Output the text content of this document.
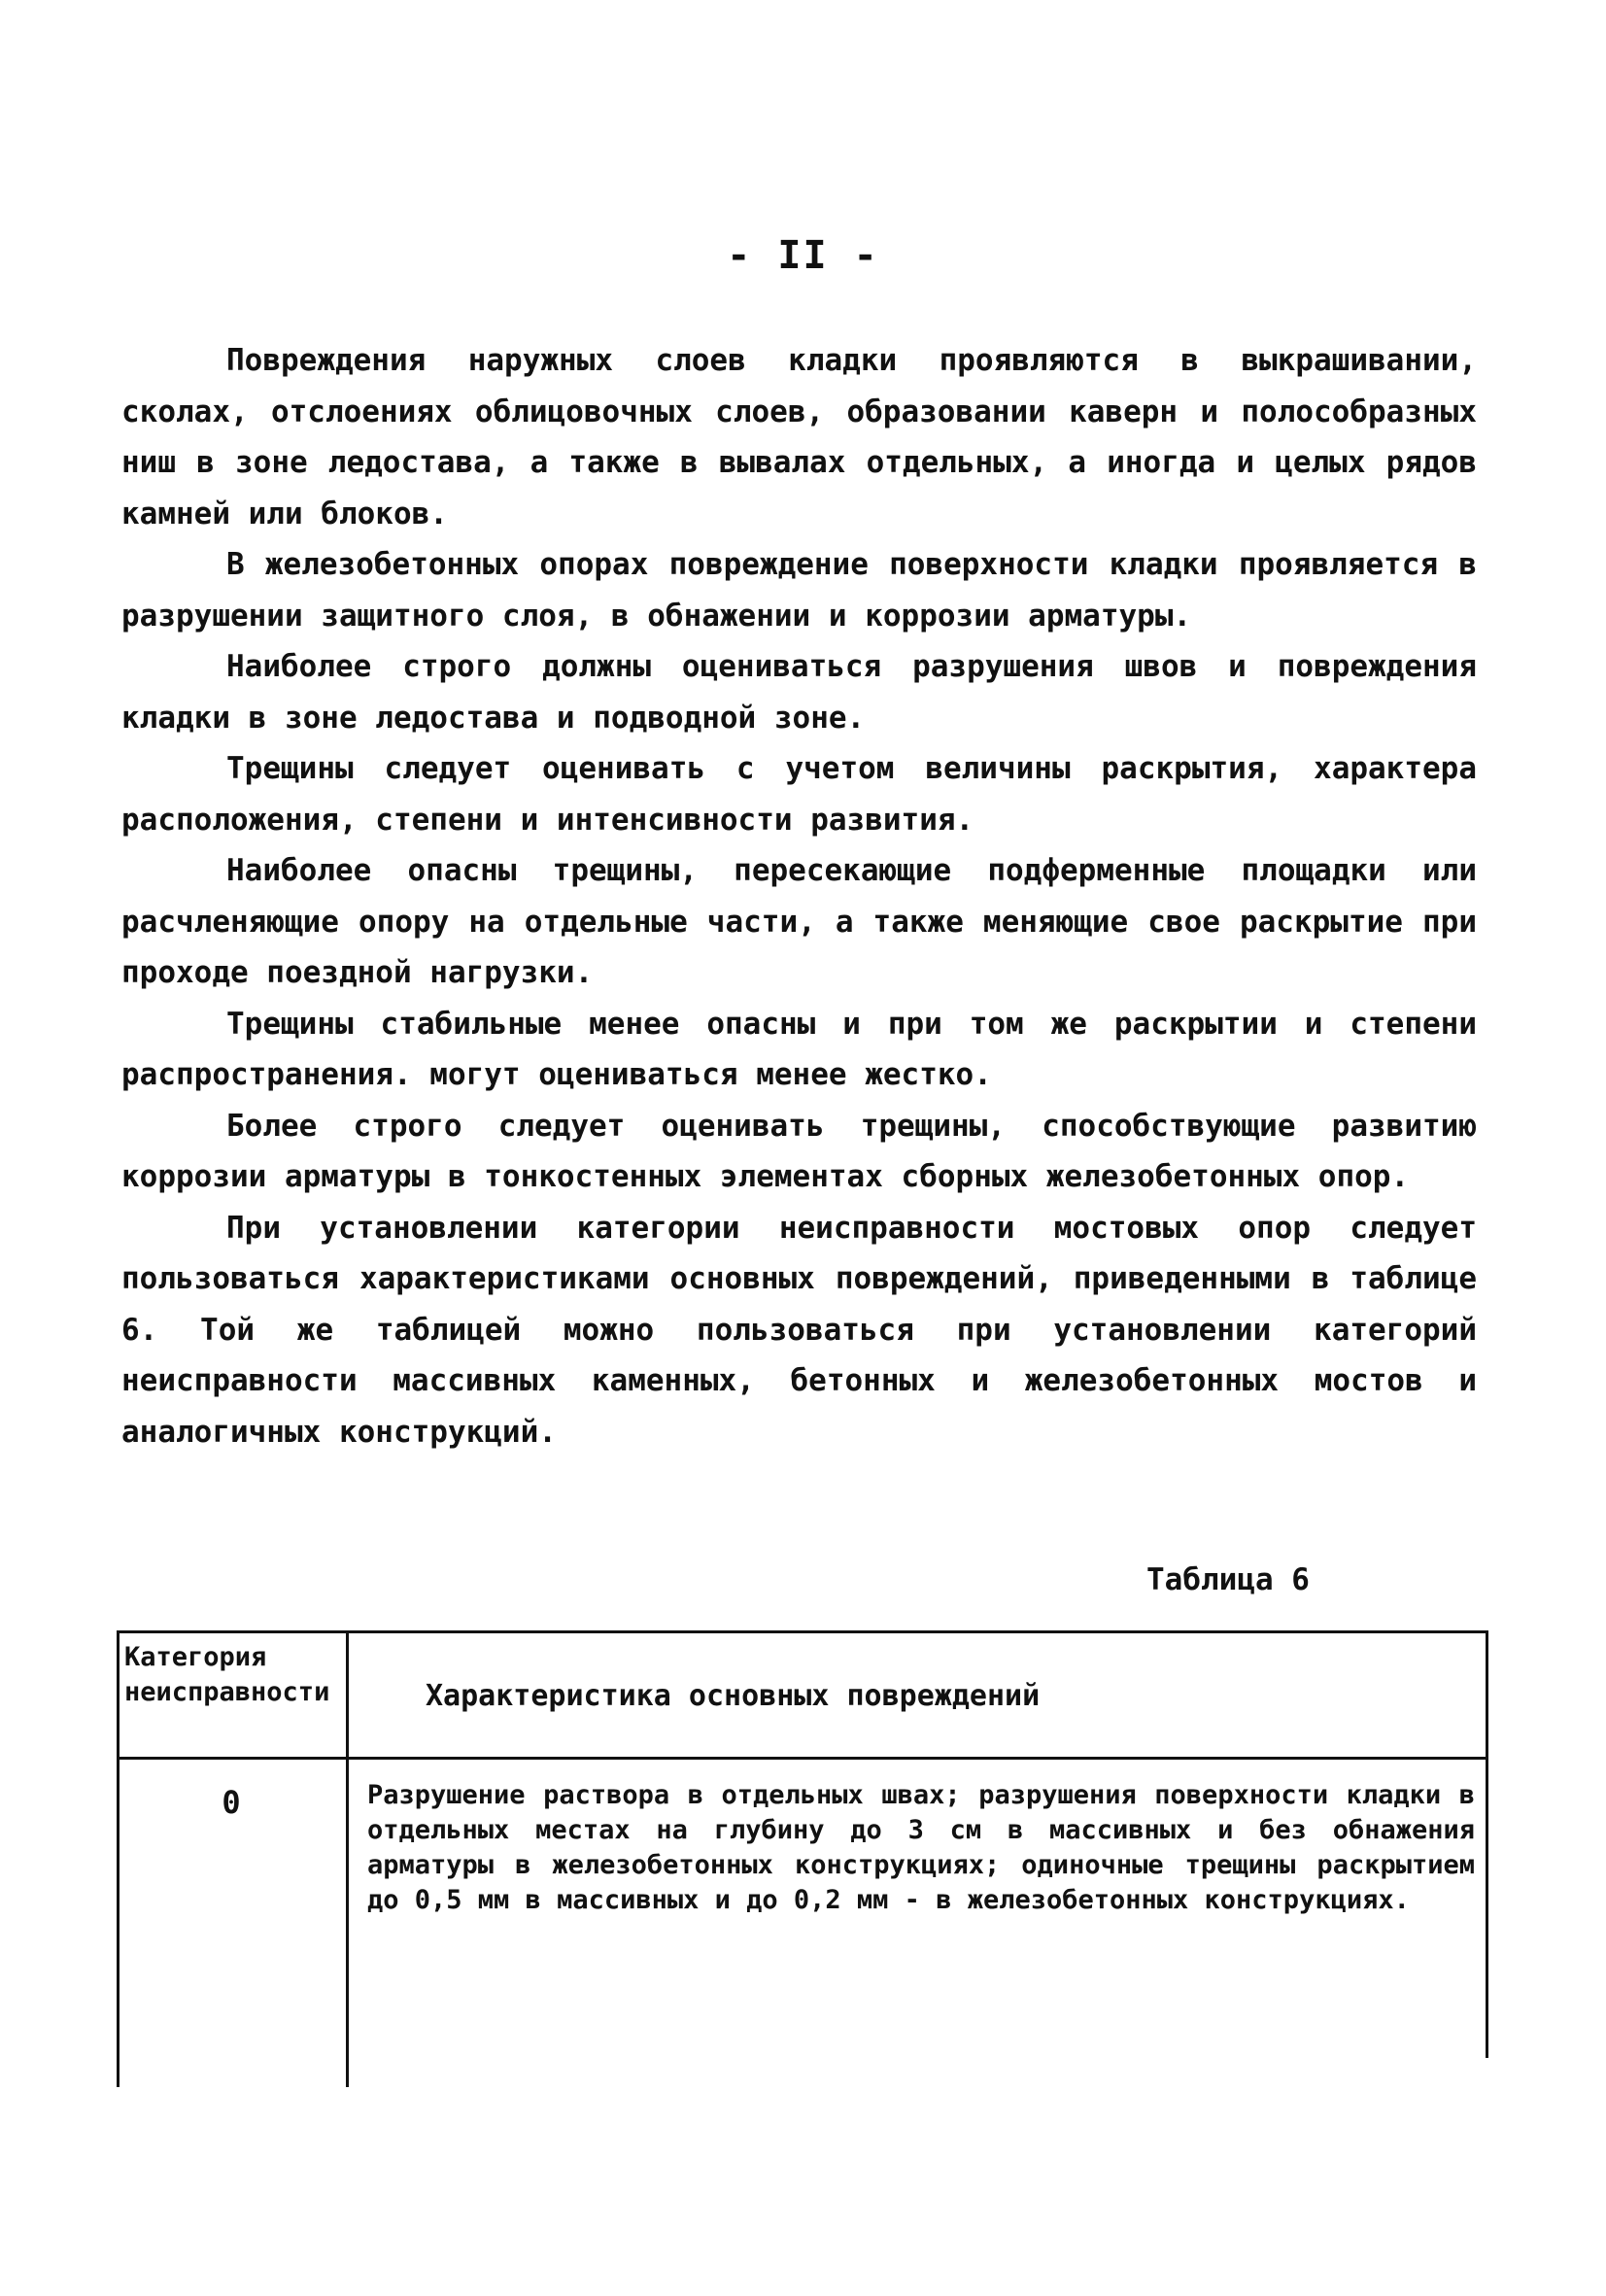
- II -

Повреждения наружных слоев кладки проявляются в выкрашивании, сколах, отслоениях облицовочных слоев, образовании каверн и полособразных ниш в зоне ледостава, а также в вывалах отдельных, а иногда и целых рядов камней или блоков.

В железобетонных опорах повреждение поверхности кладки проявляется в разрушении защитного слоя, в обнажении и коррозии арматуры.

Наиболее строго должны оцениваться разрушения швов и повреждения кладки в зоне ледостава и подводной зоне.

Трещины следует оценивать с учетом величины раскрытия, характера расположения, степени и интенсивности развития.

Наиболее опасны трещины, пересекающие подферменные площадки или расчленяющие опору на отдельные части, а также меняющие свое раскрытие при проходе поездной нагрузки.

Трещины стабильные менее опасны и при том же раскрытии и степени распространения. могут оцениваться менее жестко.

Более строго следует оценивать трещины, способствующие развитию коррозии арматуры в тонкостенных элементах сборных железобетонных опор.

При установлении категории неисправности мостовых опор следует пользоваться характеристиками основных повреждений, приведенными в таблице 6. Той же таблицей можно пользоваться при установлении категорий неисправности массивных каменных, бетонных и железобетонных мостов и аналогичных конструкций.

Таблица 6
Категория неисправности	Характеристика основных повреждений
0	Разрушение раствора в отдельных швах; разрушения поверхности кладки в отдельных местах на глубину до 3 см в массивных и без обнажения арматуры в железобетонных конструкциях; одиночные трещины раскрытием до 0,5 мм в массивных и до 0,2 мм - в железобетонных конструкциях.
